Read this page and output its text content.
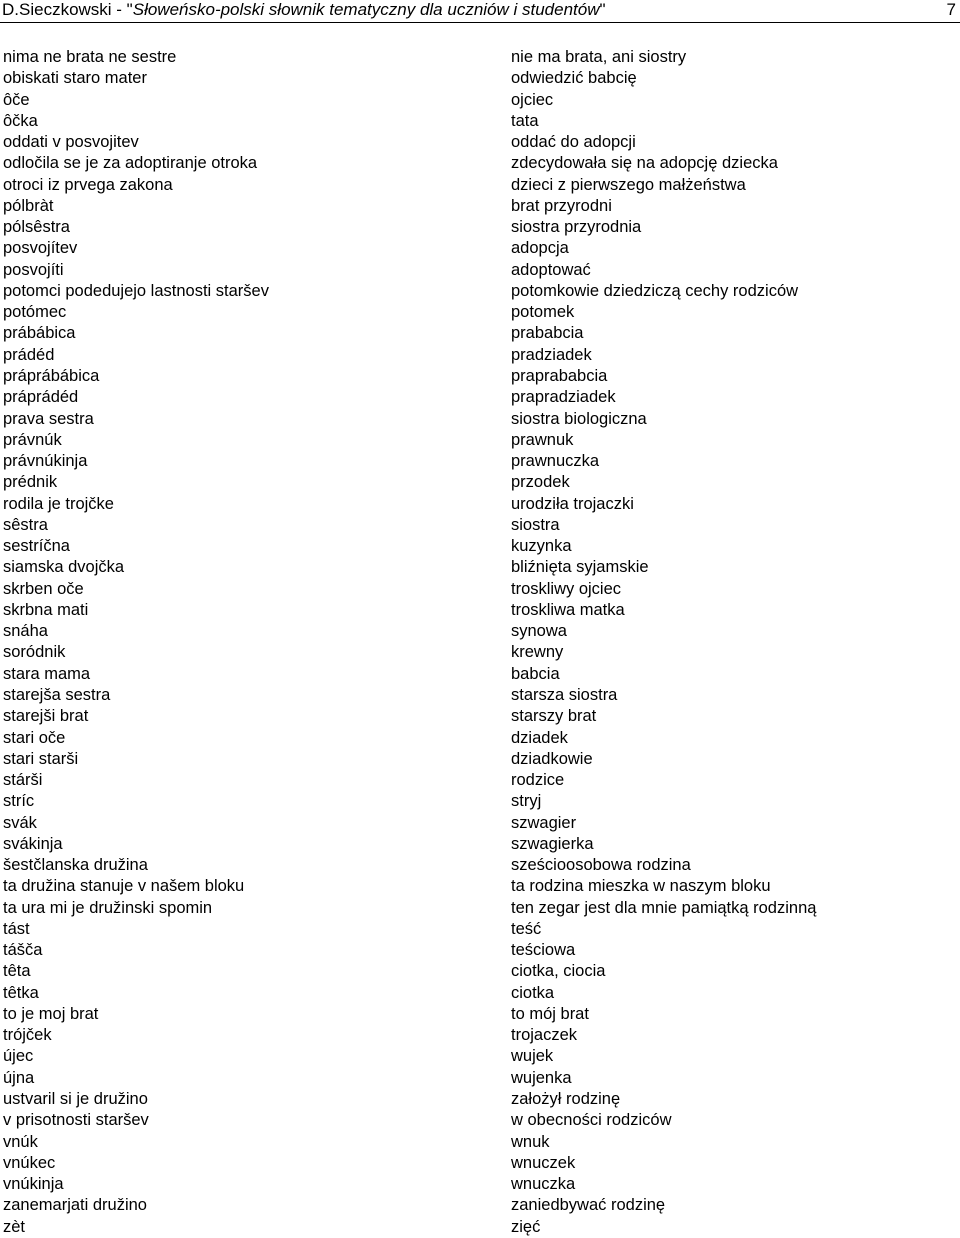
D.Sieczkowski - "Słoweńsko-polski słownik tematyczny dla uczniów i studentów"	7
nima ne brata ne sestre	nie ma brata, ani siostry
obiskati staro mater	odwiedzić babcię
ôče	ojciec
ôčka	tata
oddati v posvojitev	oddać do adopcji
odločila se je za adoptiranje otroka	zdecydowała się na adopcję dziecka
otroci iz prvega zakona	dzieci z pierwszego małżeństwa
pólbràt	brat przyrodni
pólsêstra	siostra przyrodnia
posvojítev	adopcja
posvojíti	adoptować
potomci podedujejo lastnosti staršev	potomkowie dziedziczą cechy rodziców
potómec	potomek
prábábica	prababcia
prádéd	pradziadek
práprábábica	praprababcia
práprádéd	prapradziadek
prava sestra	siostra biologiczna
právnúk	prawnuk
právnúkinja	prawnuczka
prédnik	przodek
rodila je trojčke	urodziła trojaczki
sêstra	siostra
sestríčna	kuzynka
siamska dvojčka	bliźnięta syjamskie
skrben oče	troskliwy ojciec
skrbna mati	troskliwa matka
snáha	synowa
soródnik	krewny
stara mama	babcia
starejša sestra	starsza siostra
starejši brat	starszy brat
stari oče	dziadek
stari starši	dziadkowie
stárši	rodzice
stríc	stryj
svák	szwagier
svákinja	szwagierka
šestčlanska družina	sześcioosobowa rodzina
ta družina stanuje v našem bloku	ta rodzina mieszka w naszym bloku
ta ura mi je družinski spomin	ten zegar jest dla mnie pamiątką rodzinną
tást	teść
tášča	teściowa
têta	ciotka, ciocia
têtka	ciotka
to je moj brat	to mój brat
trójček	trojaczek
újec	wujek
újna	wujenka
ustvaril si je družino	założył rodzinę
v prisotnosti staršev	w obecności rodziców
vnúk	wnuk
vnúkec	wnuczek
vnúkinja	wnuczka
zanemarjati družino	zaniedbywać rodzinę
zèt	zięć
